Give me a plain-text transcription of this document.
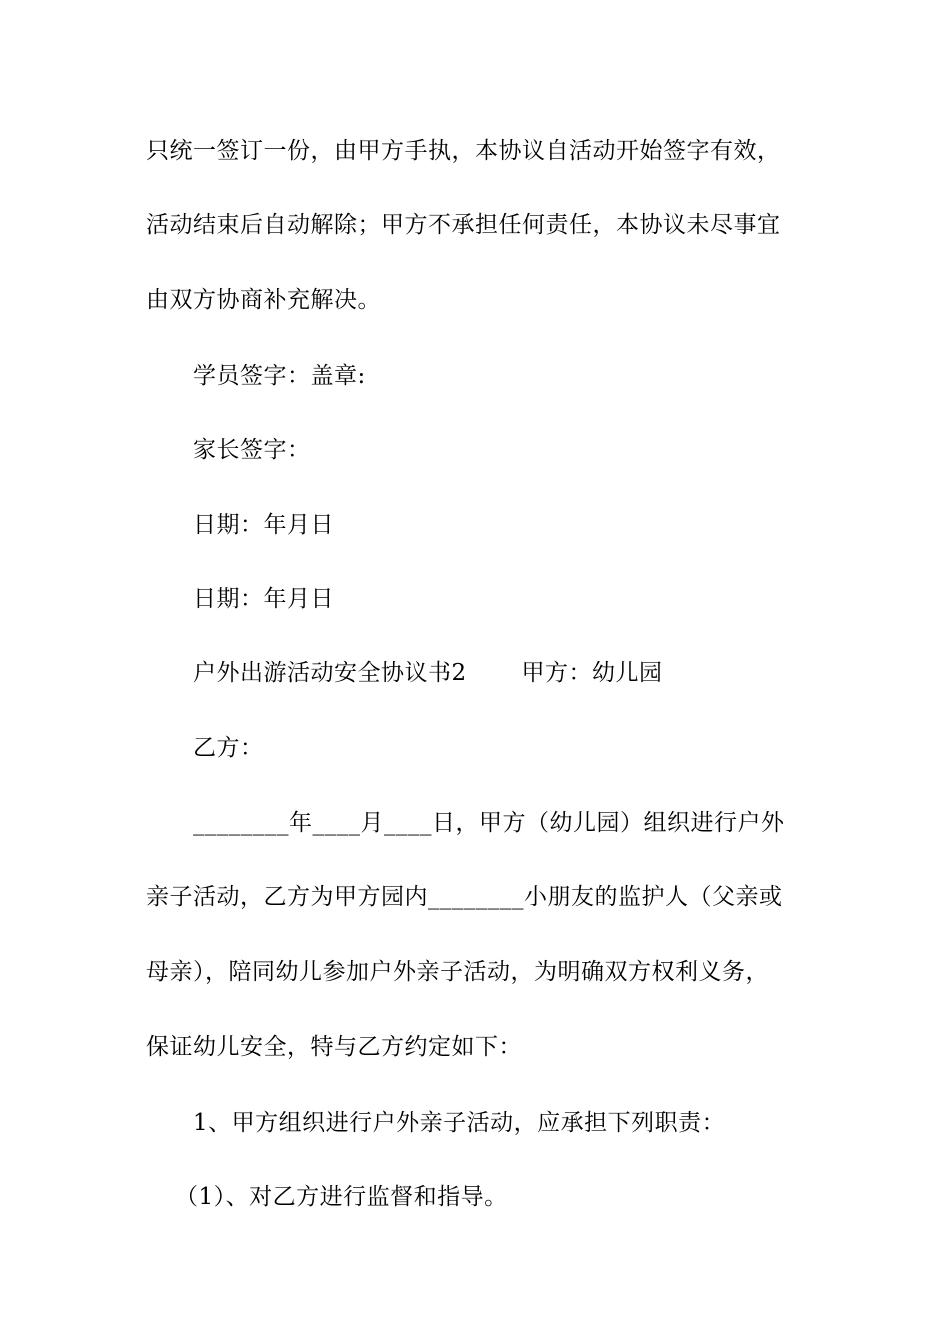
只统一签订一份，由甲方手执，本协议自活动开始签字有效，
活动结束后自动解除；甲方不承担任何责任，本协议未尽事宜
由双方协商补充解决。
学员签字：盖章:
家长签字：
日期：年月日
日期：年月日
户外出游活动安全协议书2　　 甲方：幼儿园
乙方：
________年____月____日，甲方（幼儿园）组织进行户外
亲子活动，乙方为甲方园内________小朋友的监护人（父亲或
母亲），陪同幼儿参加户外亲子活动，为明确双方权利义务，
保证幼儿安全，特与乙方约定如下：
1、甲方组织进行户外亲子活动，应承担下列职责：
（1）、对乙方进行监督和指导。
